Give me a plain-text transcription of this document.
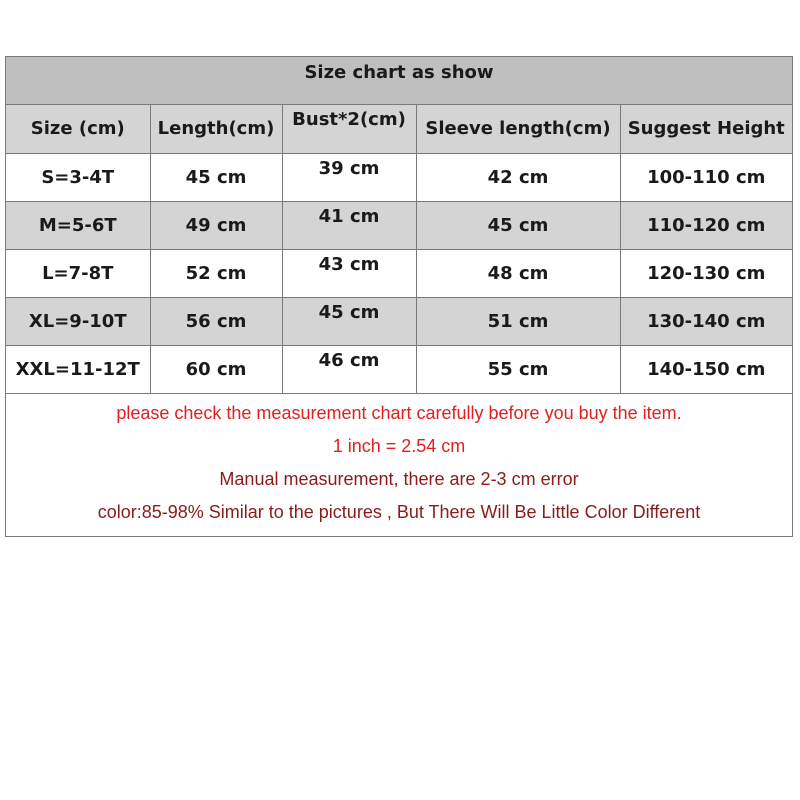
Size chart as show
Size (cm)	Length(cm)	Bust*2(cm)	Sleeve length(cm)	Suggest Height
S=3-4T	45 cm	39 cm	42 cm	100-110 cm
M=5-6T	49 cm	41 cm	45 cm	110-120 cm
L=7-8T	52 cm	43 cm	48 cm	120-130 cm
XL=9-10T	56 cm	45 cm	51 cm	130-140 cm
XXL=11-12T	60 cm	46 cm	55 cm	140-150 cm
please check the measurement chart carefully before you buy the item.
1 inch = 2.54 cm
Manual measurement, there are 2-3 cm error
color:85-98% Similar to the pictures , But There Will Be Little Color Different
